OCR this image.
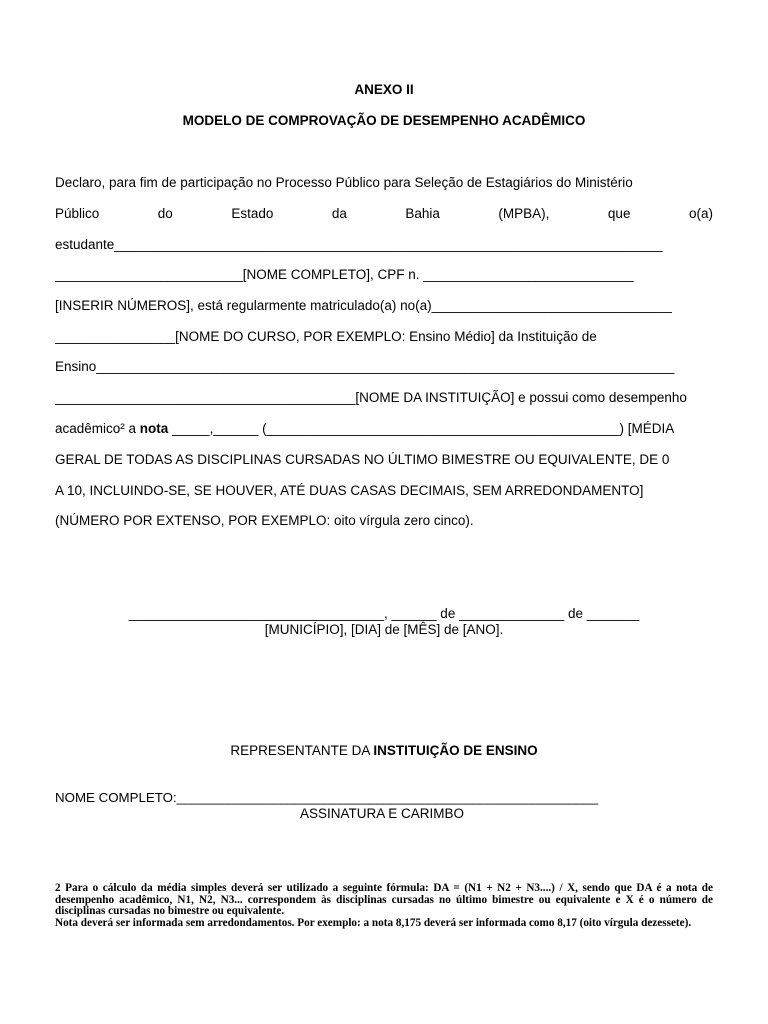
ANEXO II
MODELO DE COMPROVAÇÃO DE DESEMPENHO ACADÊMICO
Declaro, para fim de participação no Processo Público para Seleção de Estagiários do Ministério
Público	do	Estado	da	Bahia	(MPBA),	que	o(a)
estudante_________________________________________________________________________
_________________________[NOME COMPLETO], CPF n. ____________________________
[INSERIR NÚMEROS], está regularmente matriculado(a) no(a)________________________________
________________[NOME DO CURSO, POR EXEMPLO: Ensino Médio] da Instituição de
Ensino_____________________________________________________________________________
________________________________________[NOME DA INSTITUIÇÃO] e possui como desempenho
acadêmico² a nota _____,______ (_______________________________________________) [MÉDIA
GERAL DE TODAS AS DISCIPLINAS CURSADAS NO ÚLTIMO BIMESTRE OU EQUIVALENTE, DE 0
A 10, INCLUINDO-SE, SE HOUVER, ATÉ DUAS CASAS DECIMAIS, SEM ARREDONDAMENTO]
(NÚMERO POR EXTENSO, POR EXEMPLO: oito vírgula zero cinco).
__________________________________, ______ de ______________ de _______
[MUNICÍPIO], [DIA] de [MÊS] de [ANO].
REPRESENTANTE DA INSTITUIÇÃO DE ENSINO
NOME COMPLETO:_________________________________________________________
ASSINATURA E CARIMBO
2 Para o cálculo da média simples deverá ser utilizado a seguinte fórmula: DA = (N1 + N2 + N3....) / X, sendo que DA é a nota de desempenho acadêmico, N1, N2, N3... correspondem às disciplinas cursadas no último bimestre ou equivalente e X é o número de disciplinas cursadas no bimestre ou equivalente.
Nota deverá ser informada sem arredondamentos. Por exemplo: a nota 8,175 deverá ser informada como 8,17 (oito vírgula dezessete).
